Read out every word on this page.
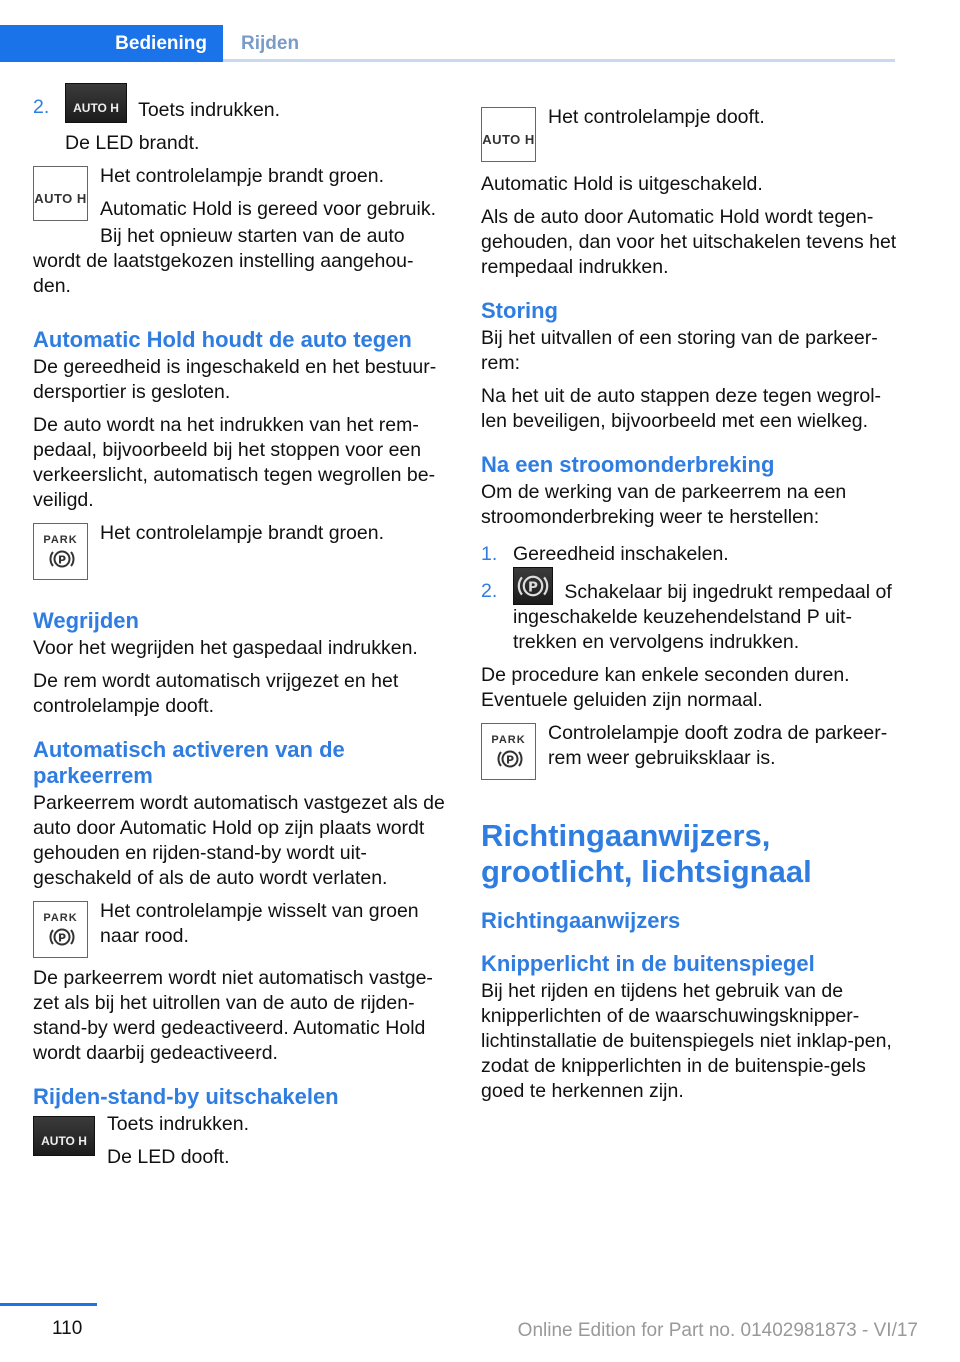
Bediening	Rijden
2.	AUTO H Toets indrukken.
De LED brandt.
AUTO H

Het controlelampje brandt groen.

Automatic Hold is gereed voor gebruik.

Bij het opnieuw starten van de auto wordt de laatstgekozen instelling aangehou-den.

Automatic Hold houdt de auto tegen

De gereedheid is ingeschakeld en het bestuur-dersportier is gesloten.

De auto wordt na het indrukken van het rem-pedaal, bijvoorbeeld bij het stoppen voor een verkeerslicht, automatisch tegen wegrollen be-veiligd.

PARK
P

Het controlelampje brandt groen.

Wegrijden

Voor het wegrijden het gaspedaal indrukken.

De rem wordt automatisch vrijgezet en het controlelampje dooft.

Automatisch activeren van de parkeerrem

Parkeerrem wordt automatisch vastgezet als de auto door Automatic Hold op zijn plaats wordt gehouden en rijden-stand-by wordt uit-geschakeld of als de auto wordt verlaten.

PARK
P

Het controlelampje wisselt van groen naar rood.

De parkeerrem wordt niet automatisch vastge-zet als bij het uitrollen van de auto de rijden-stand-by werd gedeactiveerd. Automatic Hold wordt daarbij gedeactiveerd.

Rijden-stand-by uitschakelen
AUTO H

Toets indrukken.

De LED dooft.

AUTO H

Het controlelampje dooft.

Automatic Hold is uitgeschakeld.

Als de auto door Automatic Hold wordt tegen-gehouden, dan voor het uitschakelen tevens het rempedaal indrukken.

Storing

Bij het uitvallen of een storing van de parkeer-rem:

Na het uit de auto stappen deze tegen wegrol-len beveiligen, bijvoorbeeld met een wielkeg.

Na een stroomonderbreking

Om de werking van de parkeerrem na een stroomonderbreking weer te herstellen:

1. Gereedheid inschakelen.
2.	P Schakelaar bij ingedrukt rempedaal of ingeschakelde keuzehendelstand P uit-trekken en vervolgens indrukken.

De procedure kan enkele seconden duren. Eventuele geluiden zijn normaal.

PARK
P

Controlelampje dooft zodra de parkeer-rem weer gebruiksklaar is.

Richtingaanwijzers, grootlicht, lichtsignaal
Richtingaanwijzers
Knipperlicht in de buitenspiegel

Bij het rijden en tijdens het gebruik van de knipperlichten of de waarschuwingsknipper-lichtinstallatie de buitenspiegels niet inklap-pen, zodat de knipperlichten in de buitenspie-gels goed te herkennen zijn.

110	Online Edition for Part no. 01402981873 - VI/17
